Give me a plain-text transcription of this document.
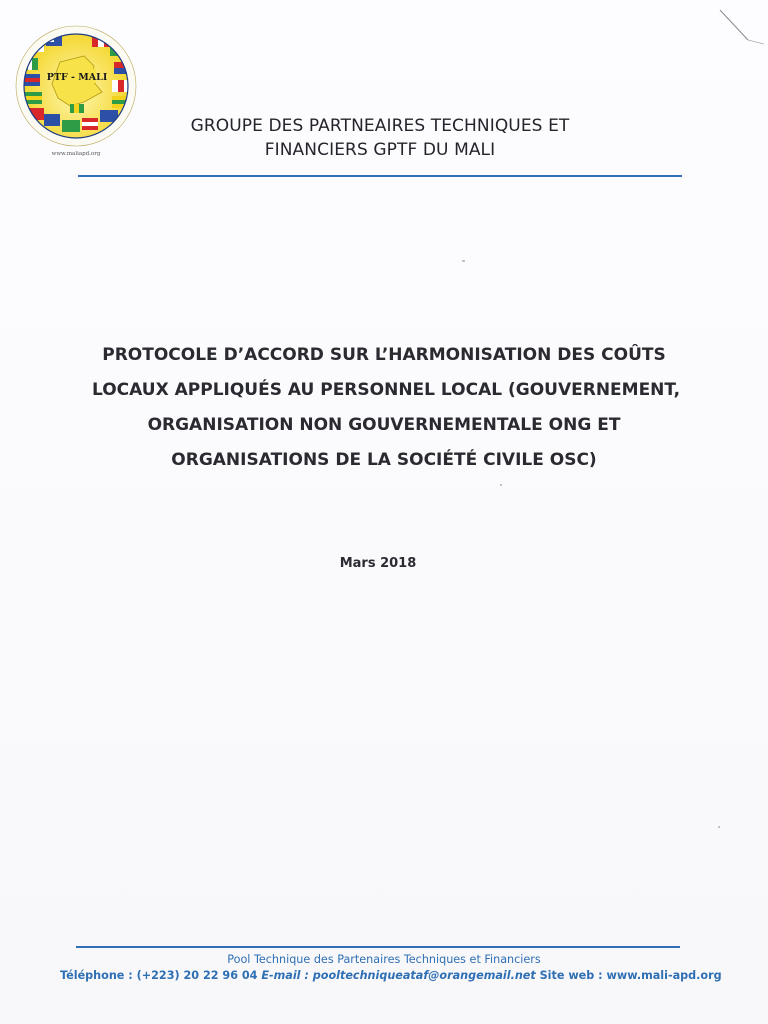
PTF - MALI
www.maliapd.org
GROUPE DES PARTNEAIRES TECHNIQUES ET
FINANCIERS GPTF DU MALI
PROTOCOLE D’ACCORD SUR L’HARMONISATION DES COÛTS
LOCAUX APPLIQUÉS AU PERSONNEL LOCAL (GOUVERNEMENT,
ORGANISATION NON GOUVERNEMENTALE ONG ET
ORGANISATIONS DE LA SOCIÉTÉ CIVILE OSC)
Mars 2018
Pool Technique des Partenaires Techniques et Financiers
Téléphone : (+223) 20 22 96 04 E-mail : pooltechniqueataf@orangemail.net Site web : www.mali-apd.org
